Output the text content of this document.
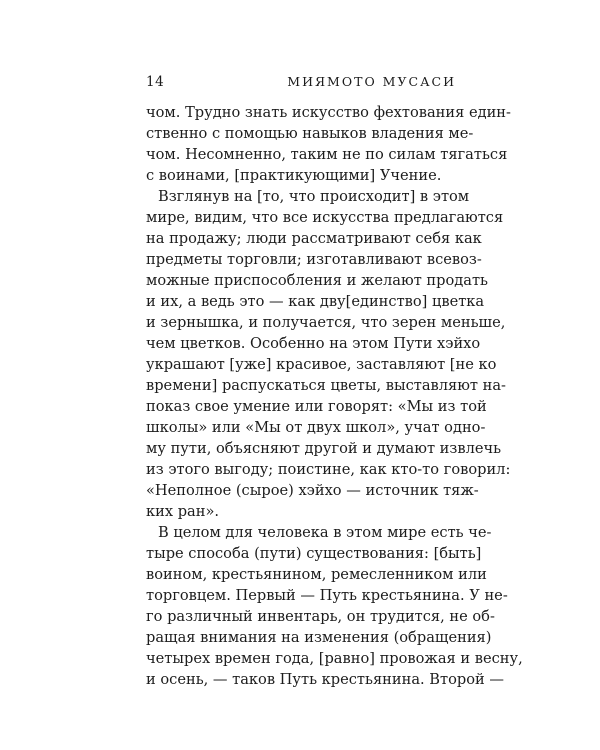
14	МИЯМОТО МУСАСИ
чом. Трудно знать искусство фехтования един-
ственно с помощью навыков владения ме-
чом. Несомненно, таким не по силам тягаться
с воинами, [практикующими] Учение.
Взглянув на [то, что происходит] в этом
мире, видим, что все искусства предлагаются
на продажу; люди рассматривают себя как
предметы торговли; изготавливают всевоз-
можные приспособления и желают продать
и их, а ведь это — как дву[единство] цветка
и зернышка, и получается, что зерен меньше,
чем цветков. Особенно на этом Пути хэйхо
украшают [уже] красивое, заставляют [не ко
времени] распускаться цветы, выставляют на-
показ свое умение или говорят: «Мы из той
школы» или «Мы от двух школ», учат одно-
му пути, объясняют другой и думают извлечь
из этого выгоду; поистине, как кто-то говорил:
«Неполное (сырое) хэйхо — источник тяж-
ких ран».
В целом для человека в этом мире есть че-
тыре способа (пути) существования: [быть]
воином, крестьянином, ремесленником или
торговцем. Первый — Путь крестьянина. У не-
го различный инвентарь, он трудится, не об-
ращая внимания на изменения (обращения)
четырех времен года, [равно] провожая и весну,
и осень, — таков Путь крестьянина. Второй —
